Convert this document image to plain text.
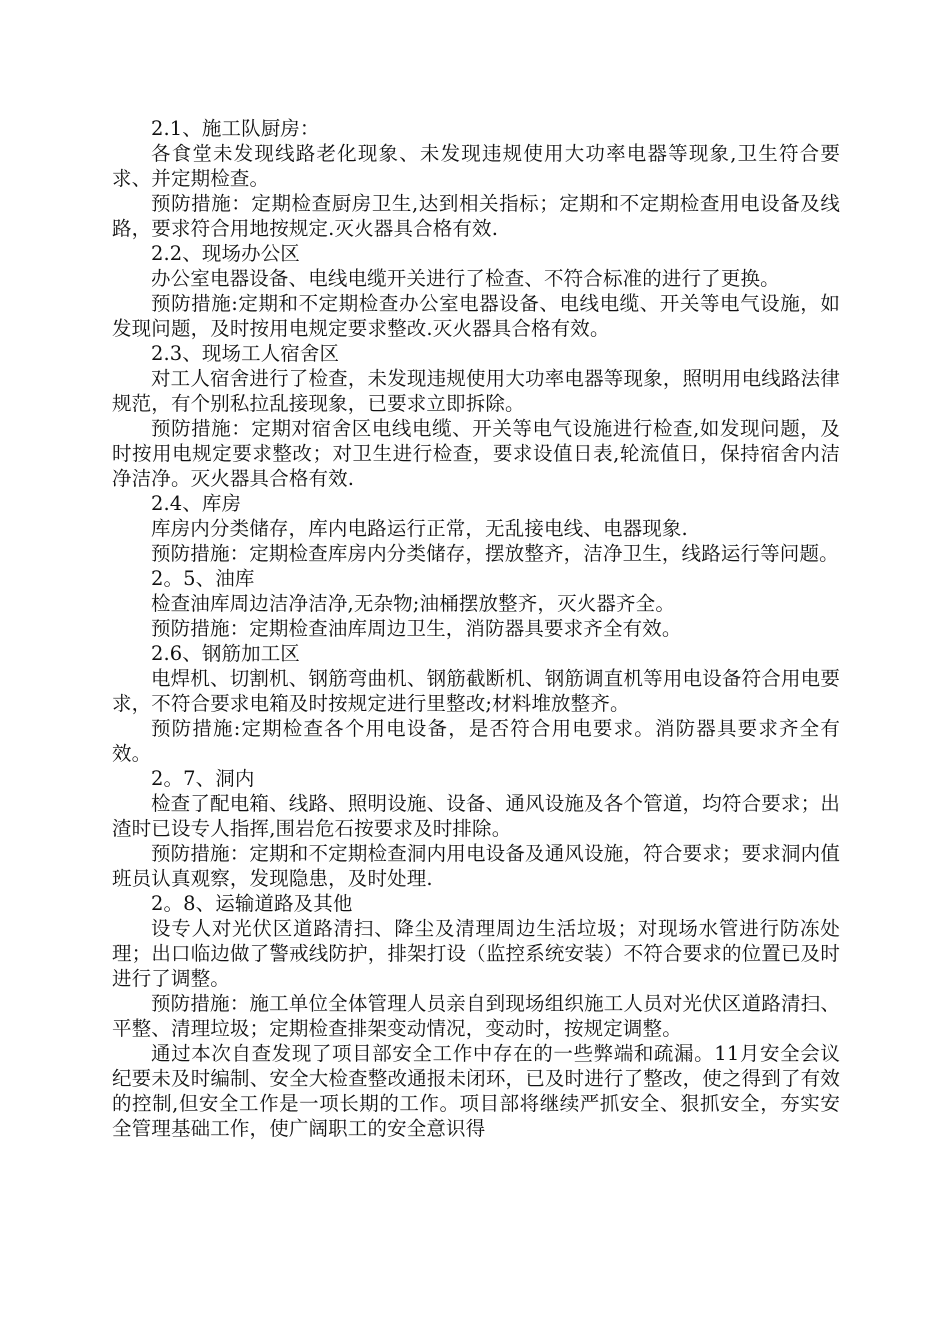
2.1、施工队厨房：

各食堂未发现线路老化现象、未发现违规使用大功率电器等现象,卫生符合要求、并定期检查。

预防措施：定期检查厨房卫生,达到相关指标；定期和不定期检查用电设备及线路，要求符合用地按规定.灭火器具合格有效.

2.2、现场办公区

办公室电器设备、电线电缆开关进行了检查、不符合标准的进行了更换。

预防措施:定期和不定期检查办公室电器设备、电线电缆、开关等电气设施，如发现问题，及时按用电规定要求整改.灭火器具合格有效。

2.3、现场工人宿舍区

对工人宿舍进行了检查，未发现违规使用大功率电器等现象，照明用电线路法律规范，有个别私拉乱接现象，已要求立即拆除。

预防措施：定期对宿舍区电线电缆、开关等电气设施进行检查,如发现问题，及时按用电规定要求整改；对卫生进行检查，要求设值日表,轮流值日，保持宿舍内洁净洁净。灭火器具合格有效.

2.4、库房

库房内分类储存，库内电路运行正常，无乱接电线、电器现象.

预防措施：定期检查库房内分类储存，摆放整齐，洁净卫生，线路运行等问题。

2。5、油库

检查油库周边洁净洁净,无杂物;油桶摆放整齐，灭火器齐全。

预防措施：定期检查油库周边卫生，消防器具要求齐全有效。

2.6、钢筋加工区

电焊机、切割机、钢筋弯曲机、钢筋截断机、钢筋调直机等用电设备符合用电要求，不符合要求电箱及时按规定进行里整改;材料堆放整齐。

预防措施:定期检查各个用电设备，是否符合用电要求。消防器具要求齐全有效。

2。7、洞内

检查了配电箱、线路、照明设施、设备、通风设施及各个管道，均符合要求；出渣时已设专人指挥,围岩危石按要求及时排除。

预防措施：定期和不定期检查洞内用电设备及通风设施，符合要求；要求洞内值班员认真观察，发现隐患，及时处理.

2。8、运输道路及其他

设专人对光伏区道路清扫、降尘及清理周边生活垃圾；对现场水管进行防冻处理；出口临边做了警戒线防护，排架打设（监控系统安装）不符合要求的位置已及时进行了调整。

预防措施：施工单位全体管理人员亲自到现场组织施工人员对光伏区道路清扫、平整、清理垃圾；定期检查排架变动情况，变动时，按规定调整。

通过本次自查发现了项目部安全工作中存在的一些弊端和疏漏。11月安全会议纪要未及时编制、安全大检查整改通报未闭环，已及时进行了整改，使之得到了有效的控制,但安全工作是一项长期的工作。项目部将继续严抓安全、狠抓安全，夯实安全管理基础工作，使广阔职工的安全意识得
